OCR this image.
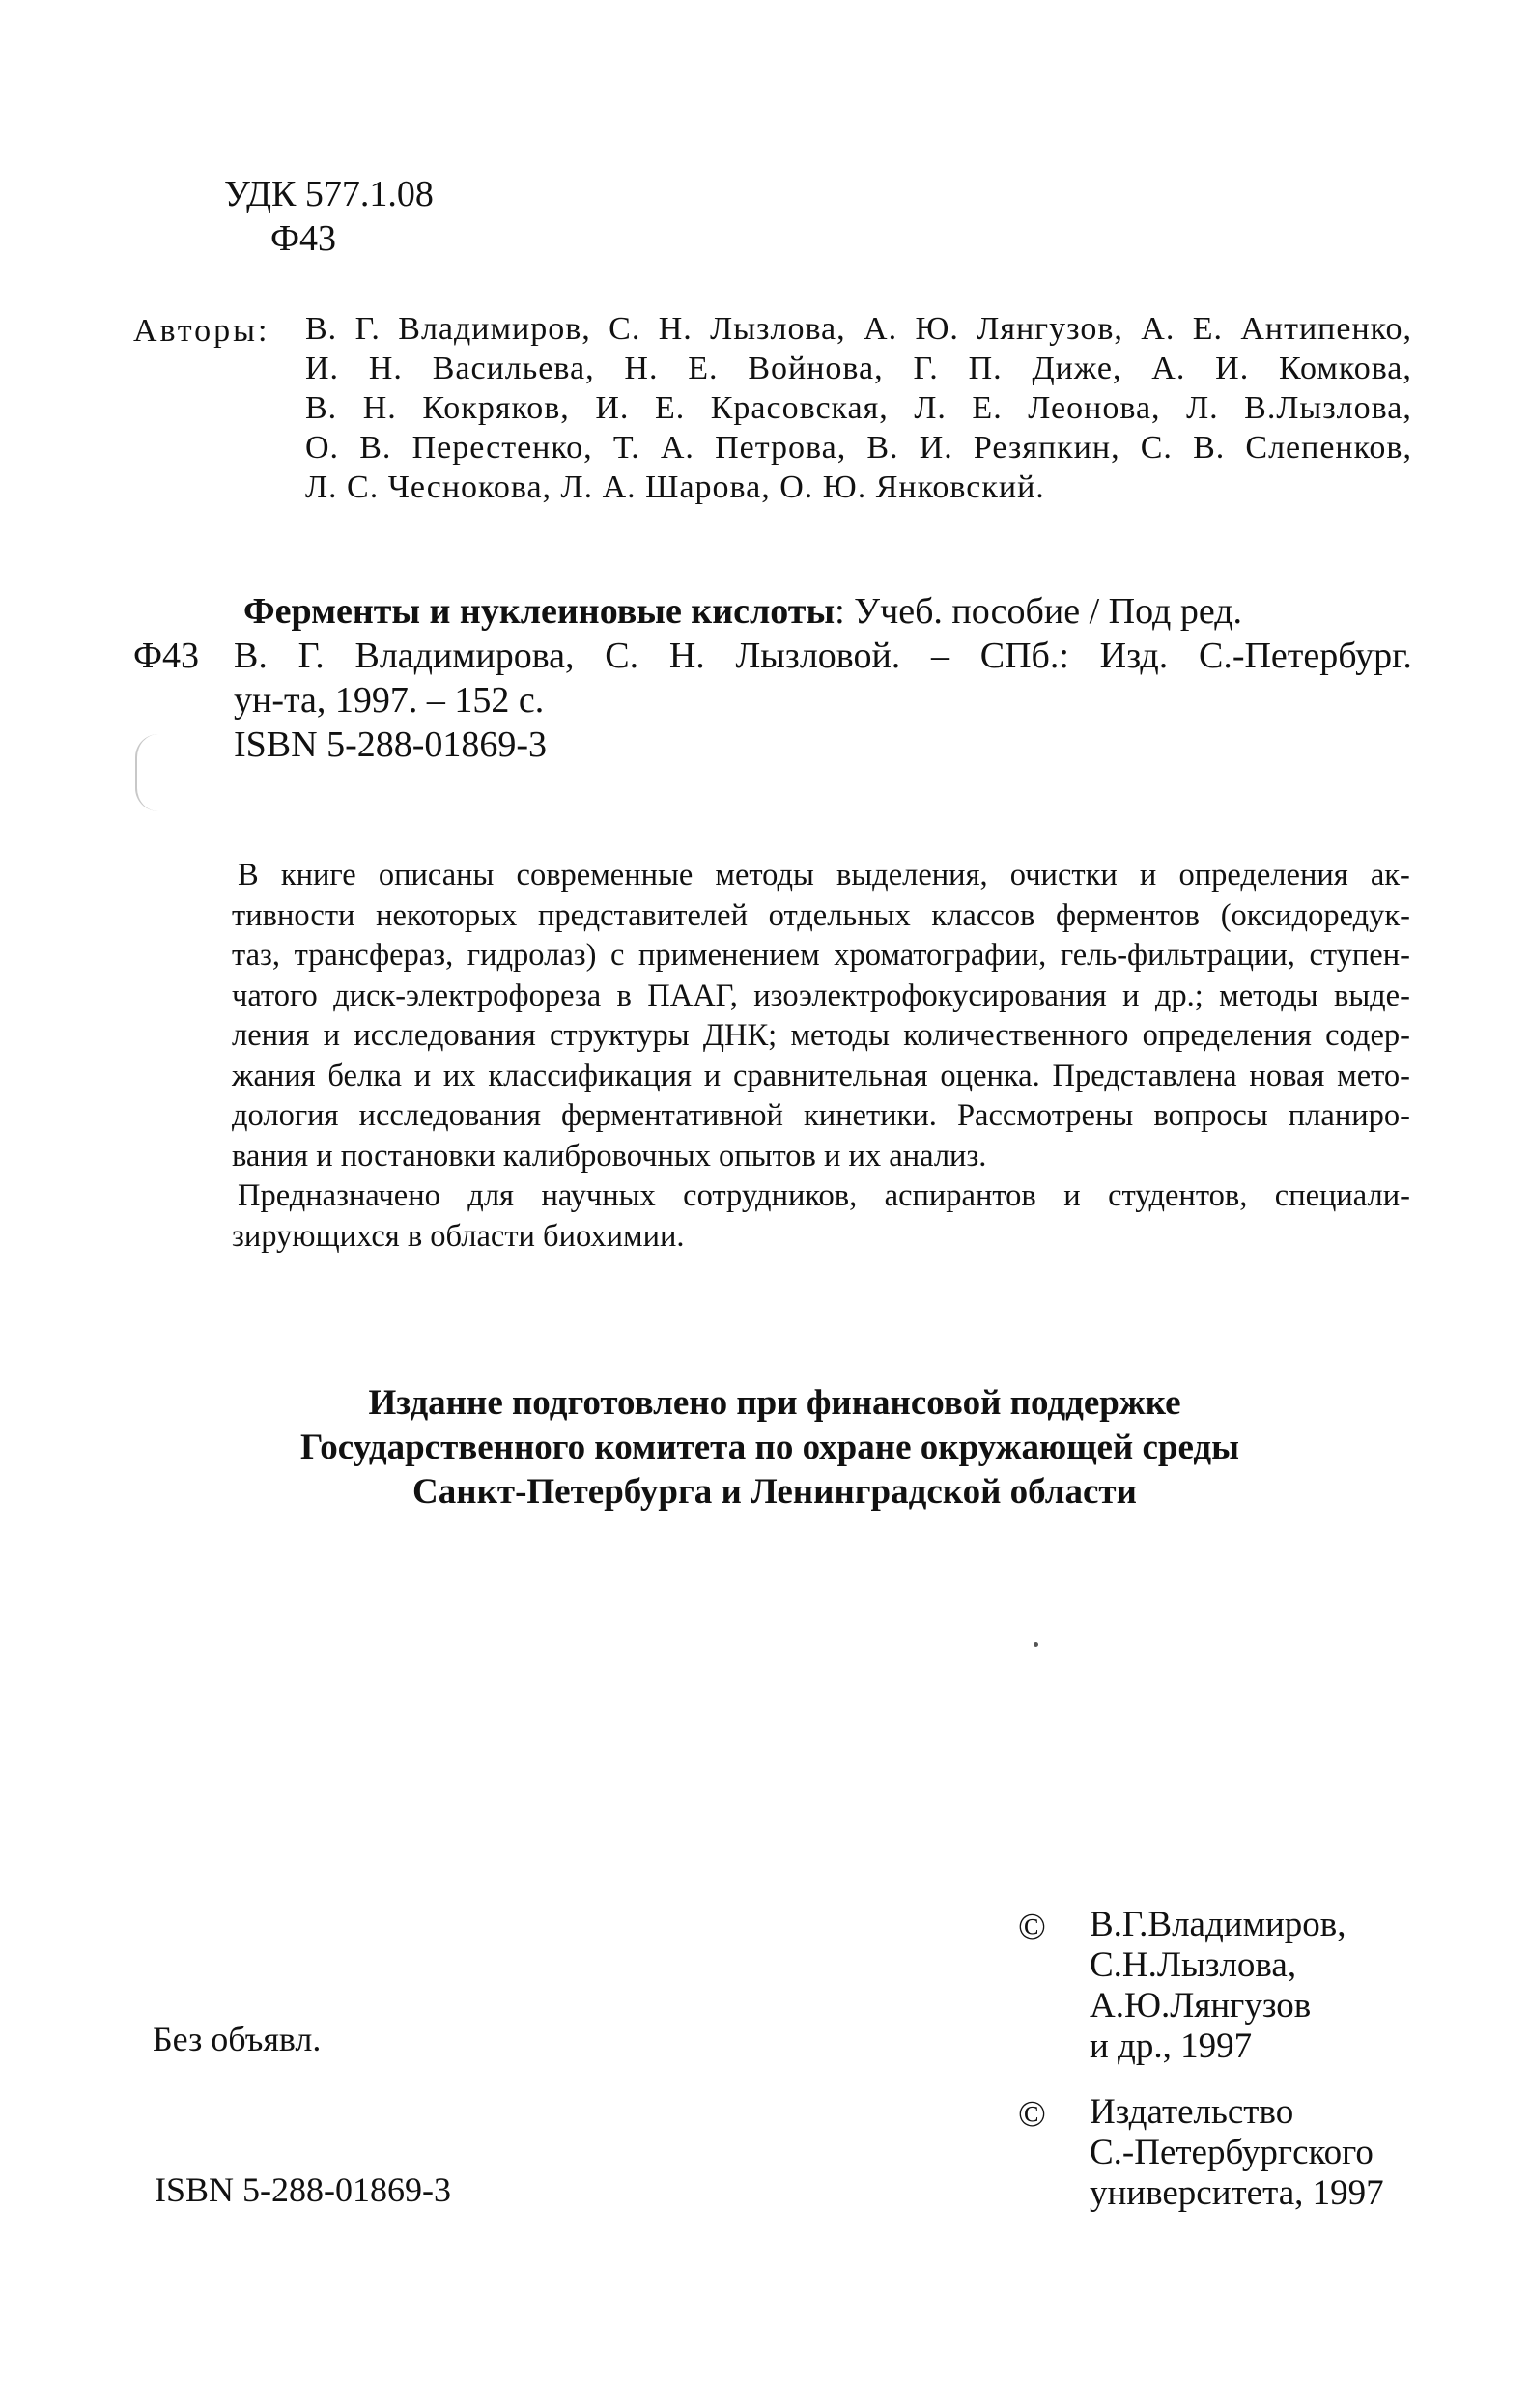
УДК 577.1.08
Ф43
Авторы: В. Г. Владимиров, С. Н. Лызлова, А. Ю. Лянгузов, А. Е. Антипенко,
И. Н. Васильева, Н. Е. Войнова, Г. П. Диже, А. И. Комкова,
В. Н. Кокряков, И. Е. Красовская, Л. Е. Леонова, Л. В.Лызлова,
О. В. Перестенко, Т. А. Петрова, В. И. Резяпкин, С. В. Слепенков,
Л. С. Чеснокова, Л. А. Шарова, О. Ю. Янковский.
Ф43
Ферменты и нуклеиновые кислоты : Учеб. пособие / Под ред.
В. Г. Владимирова, С. Н. Лызловой. – СПб.: Изд. С.-Петербург.
ун-та, 1997. – 152 с.
ISBN 5-288-01869-3
В книге описаны современные методы выделения, очистки и определения ак-
тивности некоторых представителей отдельных классов ферментов (оксидоредук-
таз, трансфераз, гидролаз) с применением хроматографии, гель-фильтрации, ступен-
чатого диск-электрофореза в ПААГ, изоэлектрофокусирования и др.; методы выде-
ления и исследования структуры ДНК; методы количественного определения содер-
жания белка и их классификация и сравнительная оценка. Представлена новая мето-
дология исследования ферментативной кинетики. Рассмотрены вопросы планиро-
вания и постановки калибровочных опытов и их анализ.
Предназначено для научных сотрудников, аспирантов и студентов, специали-
зирующихся в области биохимии.
Изданне подготовлено при финансовой поддержке
Государственного комитета по охране окружающей среды
Санкт-Петербурга и Ленинградской области
© В.Г.Владимиров,
С.Н.Лызлова,
А.Ю.Лянгузов
и др., 1997
© Издательство
С.-Петербургского
университета, 1997
Без объявл.
ISBN 5-288-01869-3
